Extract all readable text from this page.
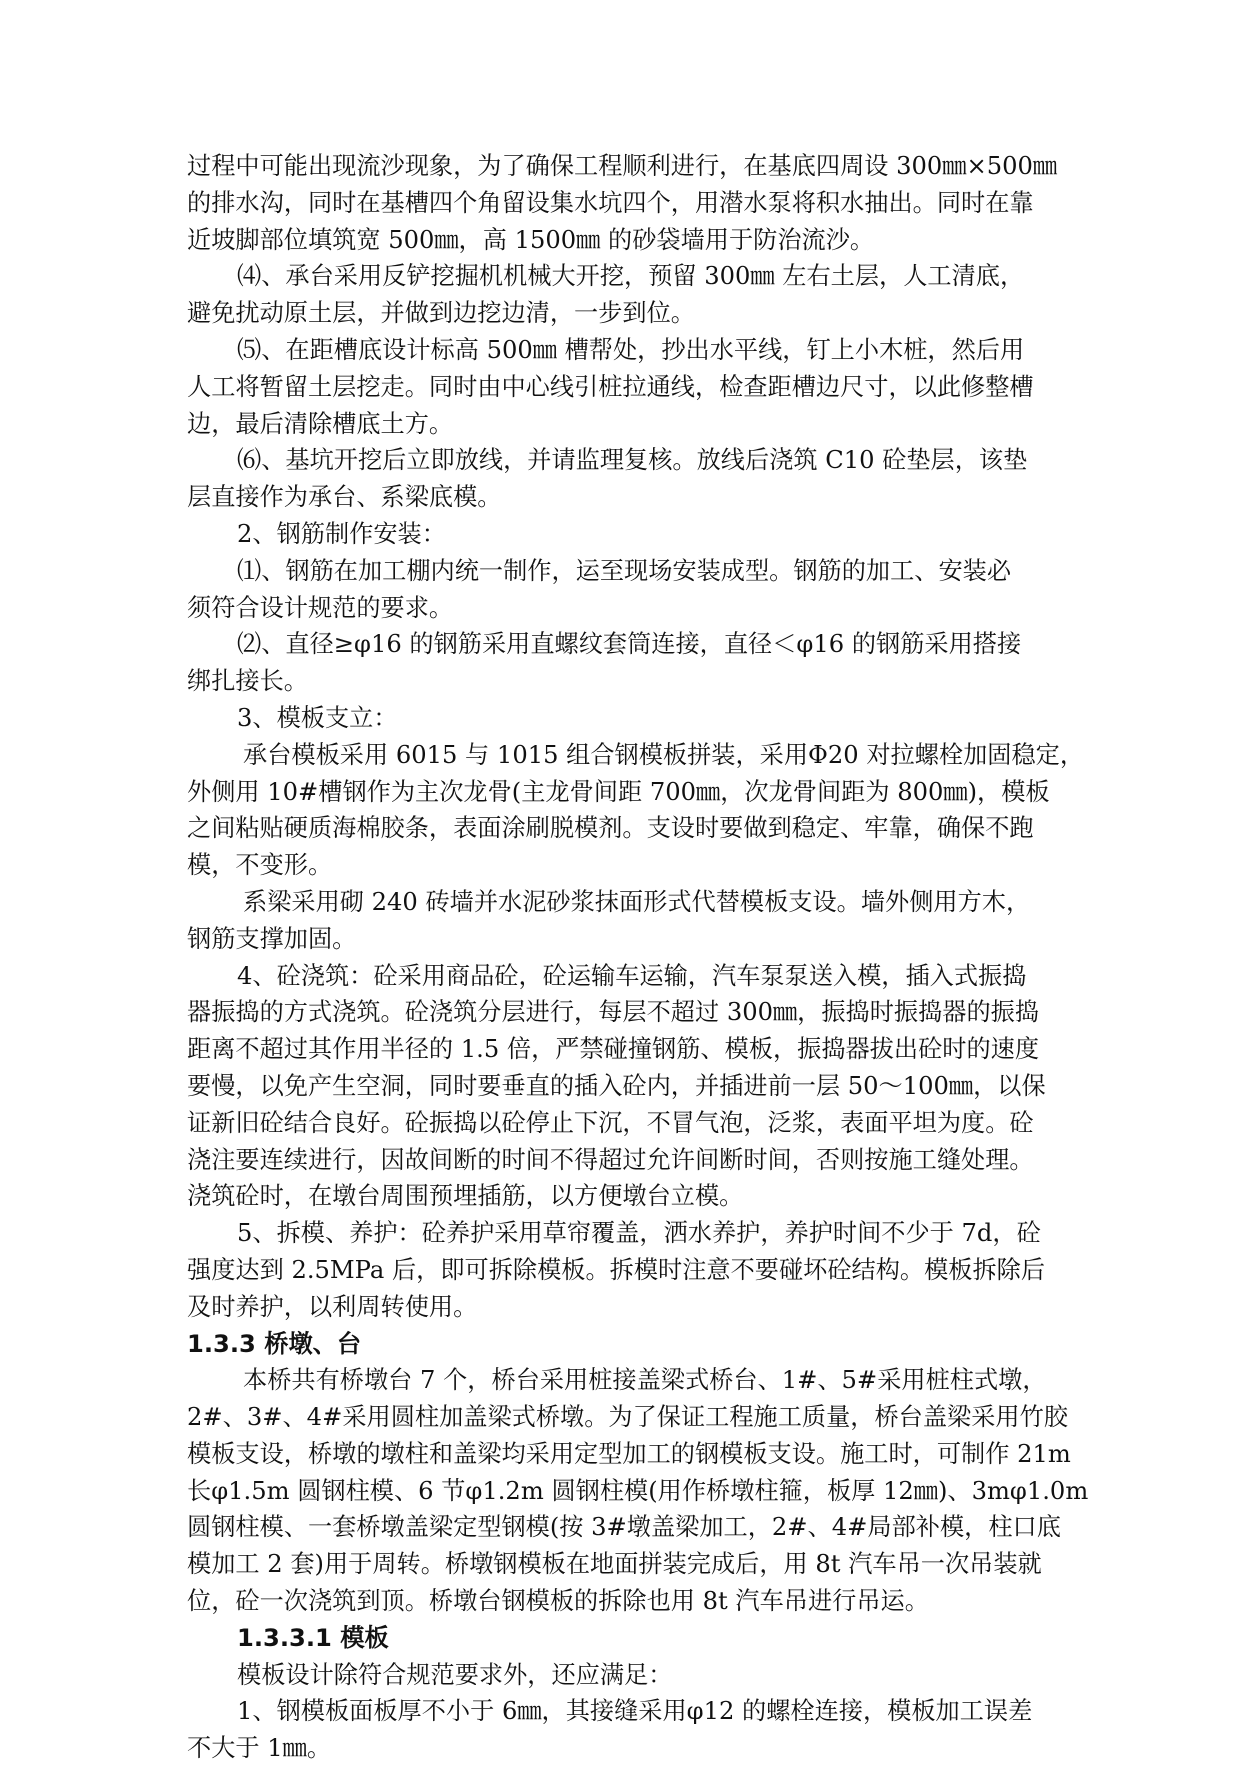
过程中可能出现流沙现象，为了确保工程顺利进行，在基底四周设 300㎜×500㎜
的排水沟，同时在基槽四个角留设集水坑四个，用潜水泵将积水抽出。同时在靠
近坡脚部位填筑宽 500㎜，高 1500㎜ 的砂袋墙用于防治流沙。
⑷、承台采用反铲挖掘机机械大开挖，预留 300㎜ 左右土层，人工清底，
避免扰动原土层，并做到边挖边清，一步到位。
⑸、在距槽底设计标高 500㎜ 槽帮处，抄出水平线，钉上小木桩，然后用
人工将暂留土层挖走。同时由中心线引桩拉通线，检查距槽边尺寸，以此修整槽
边，最后清除槽底土方。
⑹、基坑开挖后立即放线，并请监理复核。放线后浇筑 C10 砼垫层，该垫
层直接作为承台、系梁底模。
2、钢筋制作安装：
⑴、钢筋在加工棚内统一制作，运至现场安装成型。钢筋的加工、安装必
须符合设计规范的要求。
⑵、直径≥φ16 的钢筋采用直螺纹套筒连接，直径＜φ16 的钢筋采用搭接
绑扎接长。
3、模板支立：
承台模板采用 6015 与 1015 组合钢模板拼装，采用Φ20 对拉螺栓加固稳定，
外侧用 10#槽钢作为主次龙骨(主龙骨间距 700㎜，次龙骨间距为 800㎜)，模板
之间粘贴硬质海棉胶条，表面涂刷脱模剂。支设时要做到稳定、牢靠，确保不跑
模，不变形。
系梁采用砌 240 砖墙并水泥砂浆抹面形式代替模板支设。墙外侧用方木，
钢筋支撑加固。
4、砼浇筑：砼采用商品砼，砼运输车运输，汽车泵泵送入模，插入式振捣
器振捣的方式浇筑。砼浇筑分层进行，每层不超过 300㎜，振捣时振捣器的振捣
距离不超过其作用半径的 1.5 倍，严禁碰撞钢筋、模板，振捣器拔出砼时的速度
要慢，以免产生空洞，同时要垂直的插入砼内，并插进前一层 50～100㎜，以保
证新旧砼结合良好。砼振捣以砼停止下沉，不冒气泡，泛浆，表面平坦为度。砼
浇注要连续进行，因故间断的时间不得超过允许间断时间，否则按施工缝处理。
浇筑砼时，在墩台周围预埋插筋，以方便墩台立模。
5、拆模、养护：砼养护采用草帘覆盖，洒水养护，养护时间不少于 7d，砼
强度达到 2.5MPa 后，即可拆除模板。拆模时注意不要碰坏砼结构。模板拆除后
及时养护，以利周转使用。
1.3.3 桥墩、台
本桥共有桥墩台 7 个，桥台采用桩接盖梁式桥台、1#、5#采用桩柱式墩，
2#、3#、4#采用圆柱加盖梁式桥墩。为了保证工程施工质量，桥台盖梁采用竹胶
模板支设，桥墩的墩柱和盖梁均采用定型加工的钢模板支设。施工时，可制作 21m
长φ1.5m 圆钢柱模、6 节φ1.2m 圆钢柱模(用作桥墩柱箍，板厚 12㎜)、3mφ1.0m
圆钢柱模、一套桥墩盖梁定型钢模(按 3#墩盖梁加工，2#、4#局部补模，柱口底
模加工 2 套)用于周转。桥墩钢模板在地面拼装完成后，用 8t 汽车吊一次吊装就
位，砼一次浇筑到顶。桥墩台钢模板的拆除也用 8t 汽车吊进行吊运。
1.3.3.1 模板
模板设计除符合规范要求外，还应满足：
1、钢模板面板厚不小于 6㎜，其接缝采用φ12 的螺栓连接，模板加工误差
不大于 1㎜。
